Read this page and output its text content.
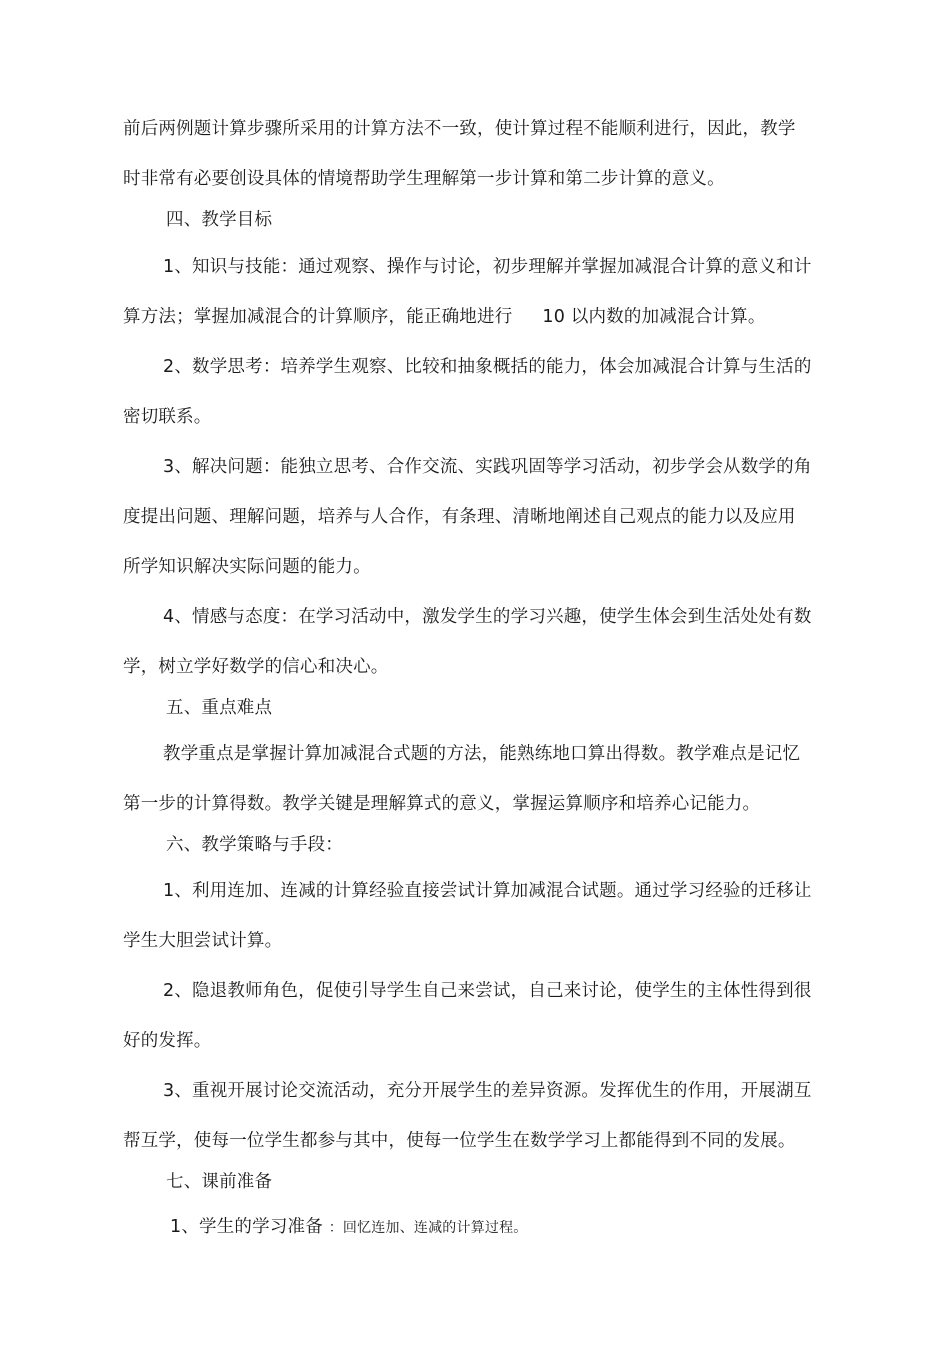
前后两例题计算步骤所采用的计算方法不一致，使计算过程不能顺利进行，因此，教学
时非常有必要创设具体的情境帮助学生理解第一步计算和第二步计算的意义。
四、教学目标
1、知识与技能：通过观察、操作与讨论，初步理解并掌握加减混合计算的意义和计
算方法；掌握加减混合的计算顺序，能正确地进行 10 以内数的加减混合计算。
2、数学思考：培养学生观察、比较和抽象概括的能力，体会加减混合计算与生活的
密切联系。
3、解决问题：能独立思考、合作交流、实践巩固等学习活动，初步学会从数学的角
度提出问题、理解问题，培养与人合作，有条理、清晰地阐述自己观点的能力以及应用
所学知识解决实际问题的能力。
4、情感与态度：在学习活动中，激发学生的学习兴趣，使学生体会到生活处处有数
学，树立学好数学的信心和决心。
五、重点难点
教学重点是掌握计算加减混合式题的方法，能熟练地口算出得数。教学难点是记忆
第一步的计算得数。教学关键是理解算式的意义，掌握运算顺序和培养心记能力。
六、教学策略与手段：
1、利用连加、连减的计算经验直接尝试计算加减混合试题。通过学习经验的迁移让
学生大胆尝试计算。
2、隐退教师角色，促使引导学生自己来尝试，自己来讨论，使学生的主体性得到很
好的发挥。
3、重视开展讨论交流活动，充分开展学生的差异资源。发挥优生的作用，开展湖互
帮互学，使每一位学生都参与其中，使每一位学生在数学学习上都能得到不同的发展。
七、课前准备
1、学生的学习准备 ：回忆连加、连减的计算过程。
